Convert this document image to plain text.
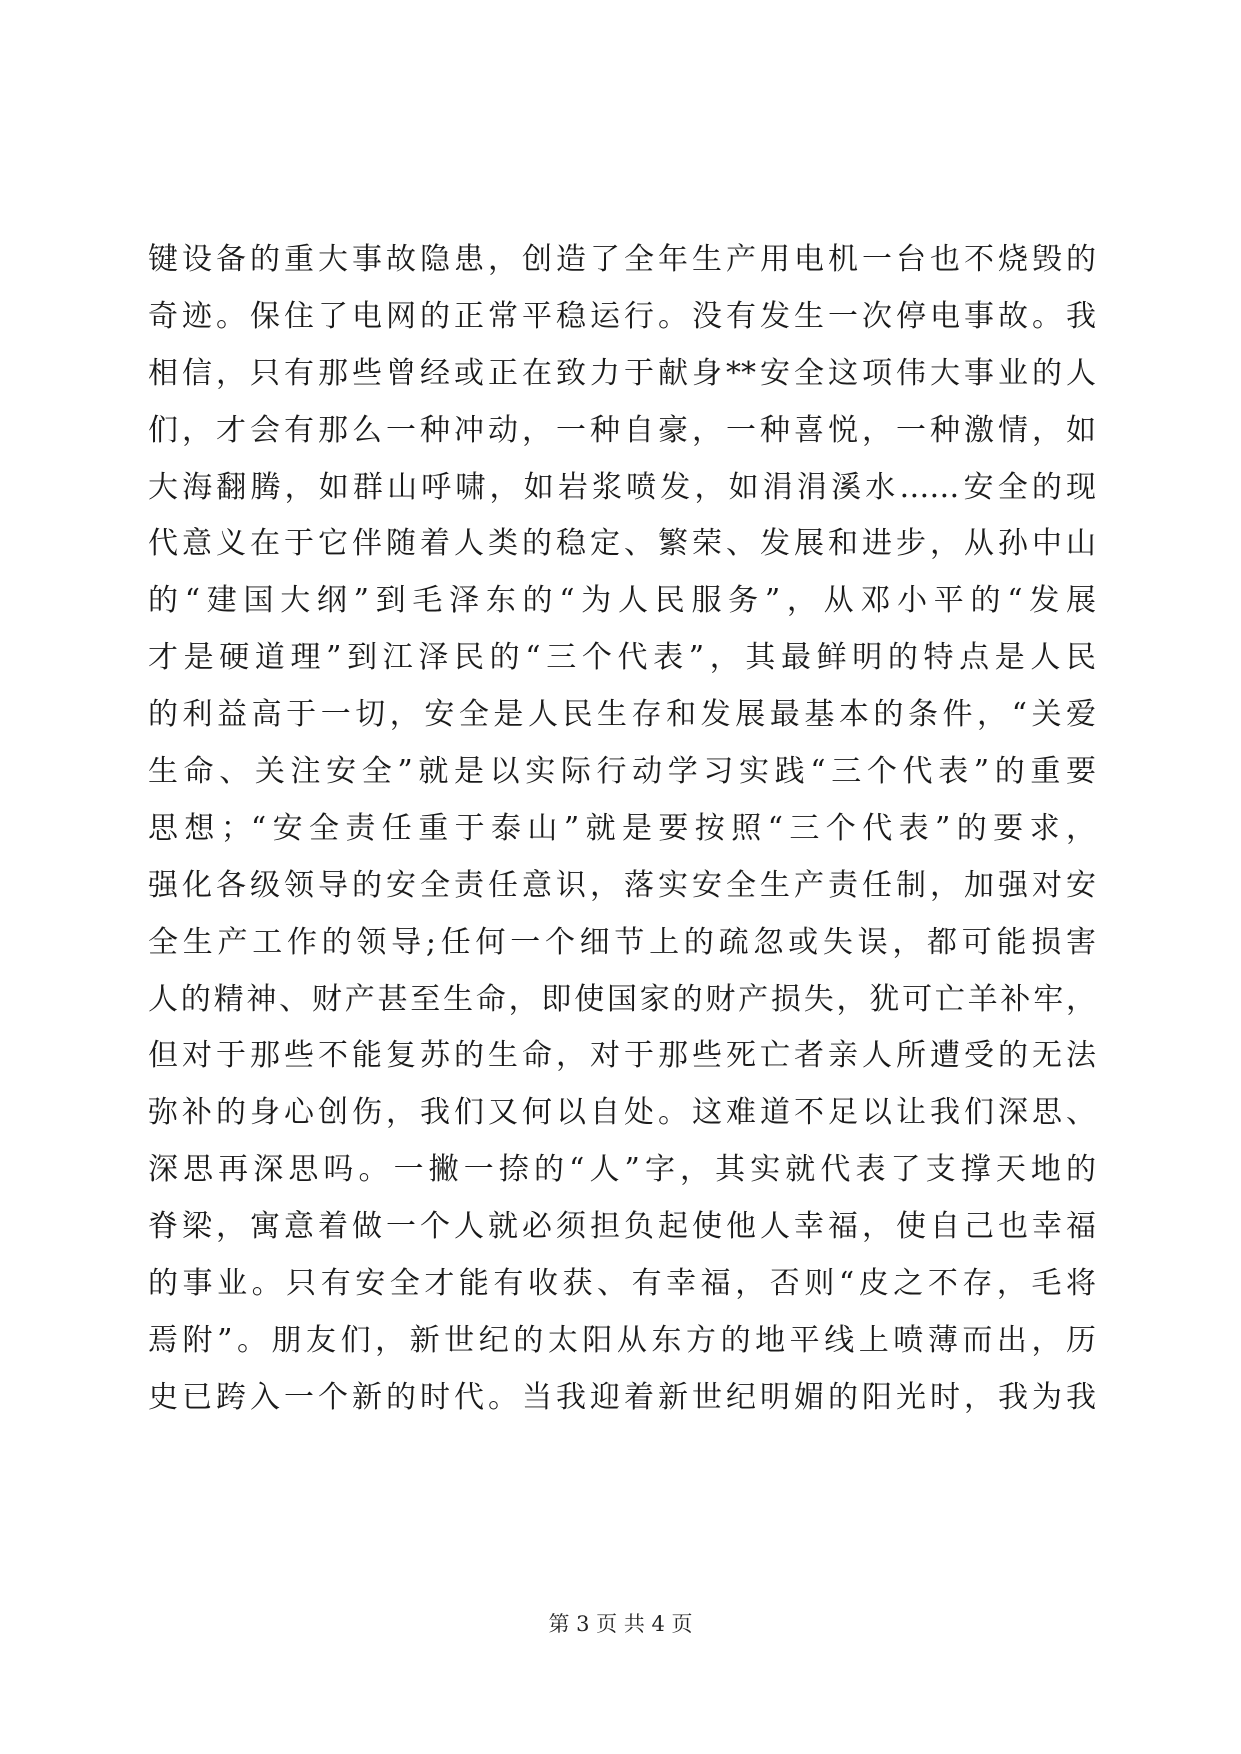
键设备的重大事故隐患，创造了全年生产用电机一台也不烧毁的
奇迹。保住了电网的正常平稳运行。没有发生一次停电事故。我
相信，只有那些曾经或正在致力于献身**安全这项伟大事业的人
们，才会有那么一种冲动，一种自豪，一种喜悦，一种激情，如
大海翻腾，如群山呼啸，如岩浆喷发，如涓涓溪水……安全的现
代意义在于它伴随着人类的稳定、繁荣、发展和进步，从孙中山
的“建国大纲”到毛泽东的“为人民服务”，从邓小平的“发展
才是硬道理”到江泽民的“三个代表”，其最鲜明的特点是人民
的利益高于一切，安全是人民生存和发展最基本的条件，“关爱
生命、关注安全”就是以实际行动学习实践“三个代表”的重要
思想；“安全责任重于泰山”就是要按照“三个代表”的要求，
强化各级领导的安全责任意识，落实安全生产责任制，加强对安
全生产工作的领导;任何一个细节上的疏忽或失误，都可能损害
人的精神、财产甚至生命，即使国家的财产损失，犹可亡羊补牢，
但对于那些不能复苏的生命，对于那些死亡者亲人所遭受的无法
弥补的身心创伤，我们又何以自处。这难道不足以让我们深思、
深思再深思吗。一撇一捺的“人”字，其实就代表了支撑天地的
脊梁，寓意着做一个人就必须担负起使他人幸福，使自己也幸福
的事业。只有安全才能有收获、有幸福，否则“皮之不存，毛将
焉附”。朋友们，新世纪的太阳从东方的地平线上喷薄而出，历
史已跨入一个新的时代。当我迎着新世纪明媚的阳光时，我为我
第 3 页 共 4 页
